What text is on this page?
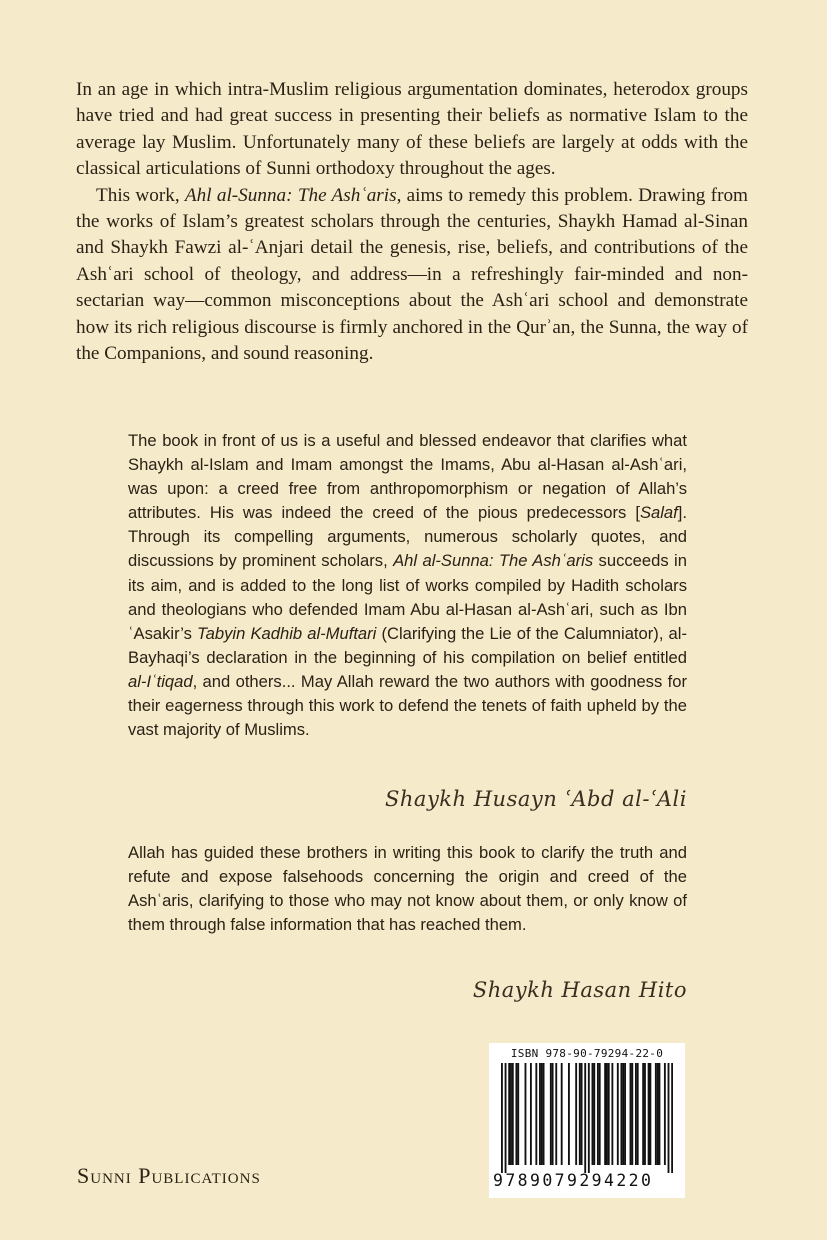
In an age in which intra-Muslim religious argumentation dominates, heterodox groups have tried and had great success in presenting their beliefs as normative Islam to the average lay Muslim. Unfortunately many of these beliefs are largely at odds with the classical articulations of Sunni orthodoxy throughout the ages.

This work, Ahl al-Sunna: The Ashʿaris, aims to remedy this problem. Drawing from the works of Islam’s greatest scholars through the centuries, Shaykh Hamad al-Sinan and Shaykh Fawzi al-ʿAnjari detail the genesis, rise, beliefs, and contributions of the Ashʿari school of theology, and address—in a refreshingly fair-minded and non-sectarian way—common misconceptions about the Ashʿari school and demonstrate how its rich religious discourse is firmly anchored in the Qurʾan, the Sunna, the way of the Companions, and sound reasoning.

The book in front of us is a useful and blessed endeavor that clarifies what Shaykh al-Islam and Imam amongst the Imams, Abu al-Hasan al-Ashʿari, was upon: a creed free from anthropomorphism or negation of Allah’s attributes. His was indeed the creed of the pious predecessors [Salaf]. Through its compelling arguments, numerous scholarly quotes, and discussions by prominent scholars, Ahl al-Sunna: The Ashʿaris succeeds in its aim, and is added to the long list of works compiled by Hadith scholars and theologians who defended Imam Abu al-Hasan al-Ashʿari, such as Ibn ʿAsakir’s Tabyin Kadhib al-Muftari (Clarifying the Lie of the Calumniator), al-Bayhaqi’s declaration in the beginning of his compilation on belief entitled al-Iʿtiqad, and others... May Allah reward the two authors with goodness for their eagerness through this work to defend the tenets of faith upheld by the vast majority of Muslims.

Shaykh Husayn ʿAbd al-ʿAli

Allah has guided these brothers in writing this book to clarify the truth and refute and expose falsehoods concerning the origin and creed of the Ashʿaris, clarifying to those who may not know about them, or only know of them through false information that has reached them.

Shaykh Hasan Hito
Sunni Publications
ISBN 978-90-79294-22-0
9789079294220
